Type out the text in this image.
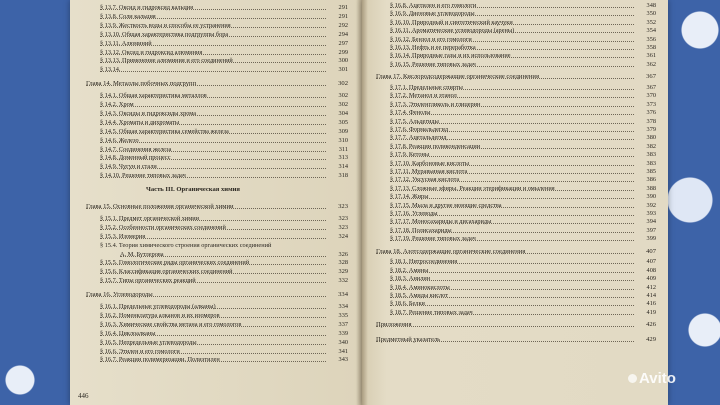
446
§ 13.7. Оксид и гидроксид кальция	291
§ 13.8. Соли кальция	291
§ 13.9. Жесткость воды и способы ее устранения	292
§ 13.10. Общая характеристика подгруппы бора	294
§ 13.11. Алюминий	297
§ 13.12. Оксид и гидроксид алюминия	299
§ 13.13. Применение алюминия и его соединений	300
§ 13.14.	301
Глава 14. Металлы побочных подгрупп	302
§ 14.1. Общая характеристика металлов	302
§ 14.2. Хром	302
§ 14.3. Оксиды и гидроксиды хрома	304
§ 14.4. Хроматы и дихроматы	305
§ 14.5. Общая характеристика семейства железа	309
§ 14.6. Железо	310
§ 14.7. Соединения железа	311
§ 14.8. Доменный процесс	313
§ 14.9. Чугун и стали	314
§ 14.10. Решение типовых задач	318
Часть III. Органическая химия
Глава 15. Основные положения органической химии	323
§ 15.1. Предмет органической химии	323
§ 15.2. Особенности органических соединений	323
§ 15.3. Изомерия	324
§ 15.4. Теория химического строения органических соединений
А. М. Бутлерова	326
§ 15.5. Гомологические ряды органических соединений	328
§ 15.6. Классификация органических соединений	329
§ 15.7. Типы органических реакций	332
Глава 16. Углеводороды	334
§ 16.1. Предельные углеводороды (алканы)	334
§ 16.2. Номенклатура алканов и их изомеров	335
§ 16.3. Химические свойства метана и его гомологов	337
§ 16.4. Циклоалканы	339
§ 16.5. Непредельные углеводороды	340
§ 16.6. Этилен и его гомологи	341
§ 16.7. Реакции полимеризации. Полиэтилен	343
§ 16.8. Ацетилен и его гомологи	348
§ 16.9. Диеновые углеводороды	350
§ 16.10. Природный и синтетический каучуки	352
§ 16.11. Ароматические углеводороды (арены)	354
§ 16.12. Бензол и его гомологи	356
§ 16.13. Нефть и ее переработка	358
§ 16.14. Природные газы и их использование	361
§ 16.15. Решение типовых задач	362
Глава 17. Кислородсодержащие органические соединения	367
§ 17.1. Предельные спирты	367
§ 17.2. Метанол и этанол	370
§ 17.3. Этиленгликоль и глицерин	373
§ 17.4. Фенолы	376
§ 17.5. Альдегиды	378
§ 17.6. Формальдегид	379
§ 17.7. Ацетальдегид	380
§ 17.8. Реакции поликонденсации	382
§ 17.9. Кетоны	383
§ 17.10. Карбоновые кислоты	383
§ 17.11. Муравьиная кислота	385
§ 17.12. Уксусная кислота	386
§ 17.13. Сложные эфиры. Реакции этерификации и омыления	388
§ 17.14. Жиры	390
§ 17.15. Мыла и другие моющие средства	392
§ 17.16. Углеводы	393
§ 17.17. Моносахариды и дисахариды	394
§ 17.18. Полисахариды	397
§ 17.19. Решение типовых задач	399
Глава 18. Азотсодержащие органические соединения	407
§ 18.1. Нитросоединения	407
§ 18.2. Амины	408
§ 18.3. Анилин	409
§ 18.4. Аминокислоты	412
§ 18.5. Амиды кислот	414
§ 18.6. Белки	416
§ 18.7. Решение типовых задач	419
Приложения	426
Предметный указатель	429
Avito
